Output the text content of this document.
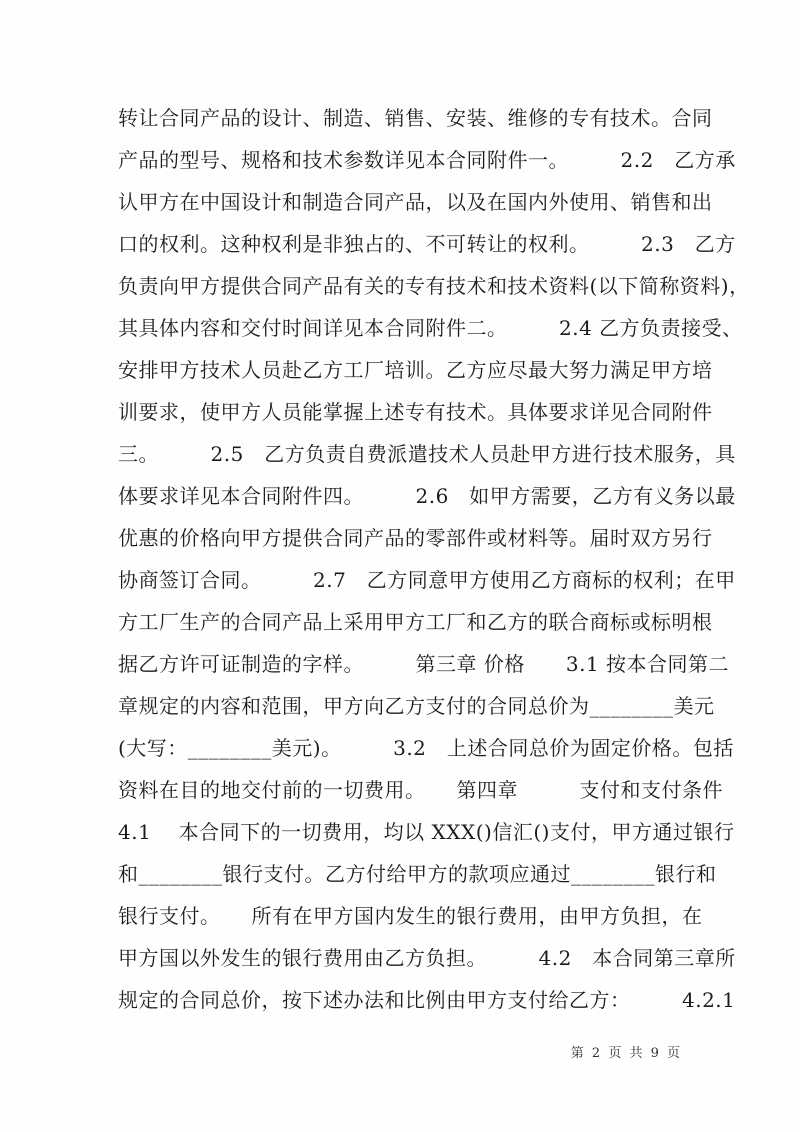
转让合同产品的设计、制造、销售、安装、维修的专有技术。合同
产品的型号、规格和技术参数详见本合同附件一。　　　2.2　乙方承
认甲方在中国设计和制造合同产品，以及在国内外使用、销售和出
口的权利。这种权利是非独占的、不可转让的权利。　　　2.3　乙方
负责向甲方提供合同产品有关的专有技术和技术资料(以下简称资料)，
其具体内容和交付时间详见本合同附件二。　　　2.4 乙方负责接受、
安排甲方技术人员赴乙方工厂培训。乙方应尽最大努力满足甲方培
训要求，使甲方人员能掌握上述专有技术。具体要求详见合同附件
三。　　　2.5　乙方负责自费派遣技术人员赴甲方进行技术服务，具
体要求详见本合同附件四。　　　2.6　如甲方需要，乙方有义务以最
优惠的价格向甲方提供合同产品的零部件或材料等。届时双方另行
协商签订合同。　　　2.7　乙方同意甲方使用乙方商标的权利；在甲
方工厂生产的合同产品上采用甲方工厂和乙方的联合商标或标明根
据乙方许可证制造的字样。　　　第三章 价格　　3.1 按本合同第二
章规定的内容和范围，甲方向乙方支付的合同总价为________美元
(大写：________美元)。　　　3.2　上述合同总价为固定价格。包括
资料在目的地交付前的一切费用。　　第四章　　　支付和支付条件
4.1　 本合同下的一切费用，均以 XXX()信汇()支付，甲方通过银行
和________银行支付。乙方付给甲方的款项应通过________银行和
银行支付。　　所有在甲方国内发生的银行费用，由甲方负担，在
甲方国以外发生的银行费用由乙方负担。　　　4.2　本合同第三章所
规定的合同总价，按下述办法和比例由甲方支付给乙方：　　　4.2.1
第 2 页 共 9 页
